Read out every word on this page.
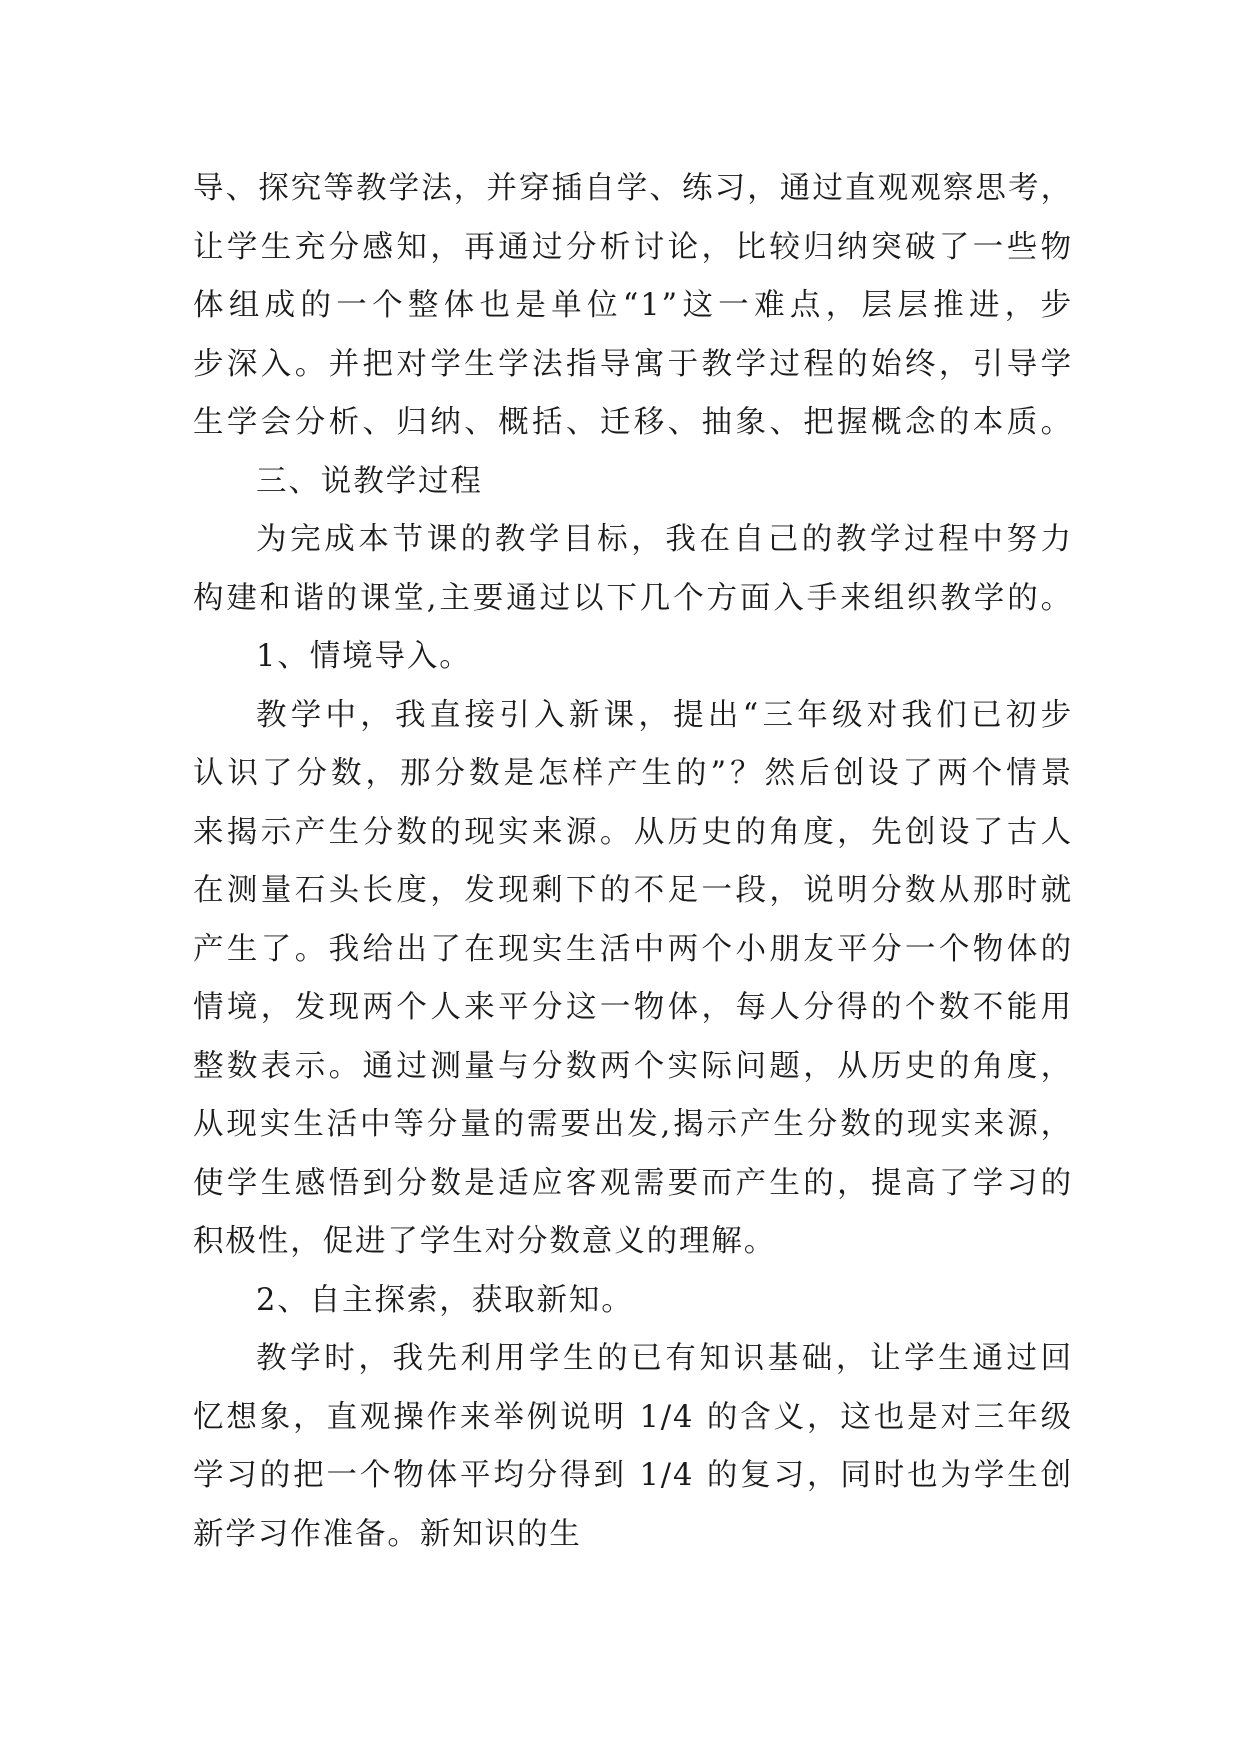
导、探究等教学法，并穿插自学、练习，通过直观观察思考，
让学生充分感知，再通过分析讨论，比较归纳突破了一些物
体组成的一个整体也是单位“1”这一难点，层层推进，步
步深入。并把对学生学法指导寓于教学过程的始终，引导学
生学会分析、归纳、概括、迁移、抽象、把握概念的本质。
三、说教学过程
为完成本节课的教学目标，我在自己的教学过程中努力
构建和谐的课堂,主要通过以下几个方面入手来组织教学的。
1、情境导入。
教学中，我直接引入新课，提出“三年级对我们已初步
认识了分数，那分数是怎样产生的”？然后创设了两个情景
来揭示产生分数的现实来源。从历史的角度，先创设了古人
在测量石头长度，发现剩下的不足一段，说明分数从那时就
产生了。我给出了在现实生活中两个小朋友平分一个物体的
情境，发现两个人来平分这一物体，每人分得的个数不能用
整数表示。通过测量与分数两个实际问题，从历史的角度，
从现实生活中等分量的需要出发,揭示产生分数的现实来源，
使学生感悟到分数是适应客观需要而产生的，提高了学习的
积极性，促进了学生对分数意义的理解。
2、自主探索，获取新知。
教学时，我先利用学生的已有知识基础，让学生通过回
忆想象，直观操作来举例说明 1/4 的含义，这也是对三年级
学习的把一个物体平均分得到 1/4 的复习，同时也为学生创
新学习作准备。新知识的生
